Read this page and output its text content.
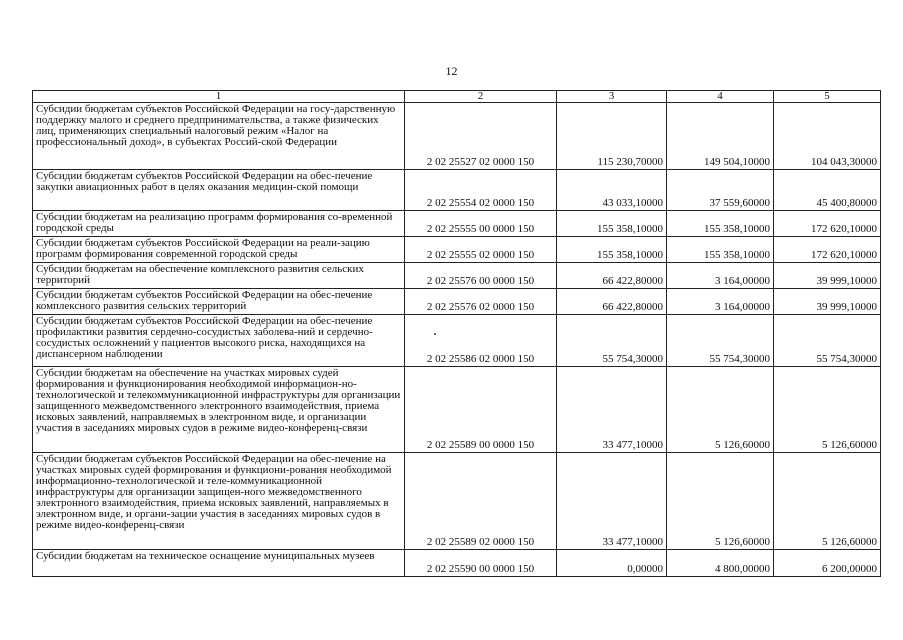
12
1	2	3	4	5
Субсидии бюджетам субъектов Российской Федерации на госу-дарственную поддержку малого и среднего предпринимательства, а также физических лиц, применяющих специальный налоговый режим «Налог на профессиональный доход», в субъектах Россий-ской Федерации	2 02 25527 02 0000 150	115 230,70000	149 504,10000	104 043,30000
Субсидии бюджетам субъектов Российской Федерации на обес-печение закупки авиационных работ в целях оказания медицин-ской помощи	2 02 25554 02 0000 150	43 033,10000	37 559,60000	45 400,80000
Субсидии бюджетам на реализацию программ формирования со-временной городской среды	2 02 25555 00 0000 150	155 358,10000	155 358,10000	172 620,10000
Субсидии бюджетам субъектов Российской Федерации на реали-зацию программ формирования современной городской среды	2 02 25555 02 0000 150	155 358,10000	155 358,10000	172 620,10000
Субсидии бюджетам на обеспечение комплексного развития сельских территорий	2 02 25576 00 0000 150	66 422,80000	3 164,00000	39 999,10000
Субсидии бюджетам субъектов Российской Федерации на обес-печение комплексного развития сельских территорий	2 02 25576 02 0000 150	66 422,80000	3 164,00000	39 999,10000
Субсидии бюджетам субъектов Российской Федерации на обес-печение профилактики развития сердечно-сосудистых заболева-ний и сердечно-сосудистых осложнений у пациентов высокого риска, находящихся на диспансерном наблюдении	2 02 25586 02 0000 150	55 754,30000	55 754,30000	55 754,30000
Субсидии бюджетам на обеспечение на участках мировых судей формирования и функционирования необходимой информацион-но-технологической и телекоммуникационной инфраструктуры для организации защищенного межведомственного электронного взаимодействия, приема исковых заявлений, направляемых в электронном виде, и организации участия в заседаниях мировых судов в режиме видео-конференц-связи	2 02 25589 00 0000 150	33 477,10000	5 126,60000	5 126,60000
Субсидии бюджетам субъектов Российской Федерации на обес-печение на участках мировых судей формирования и функциони-рования необходимой информационно-технологической и теле-коммуникационной инфраструктуры для организации защищен-ного межведомственного электронного взаимодействия, приема исковых заявлений, направляемых в электронном виде, и органи-зации участия в заседаниях мировых судов в режиме видео-конференц-связи	2 02 25589 02 0000 150	33 477,10000	5 126,60000	5 126,60000
Субсидии бюджетам на техническое оснащение муниципальных музеев	2 02 25590 00 0000 150	0,00000	4 800,00000	6 200,00000
